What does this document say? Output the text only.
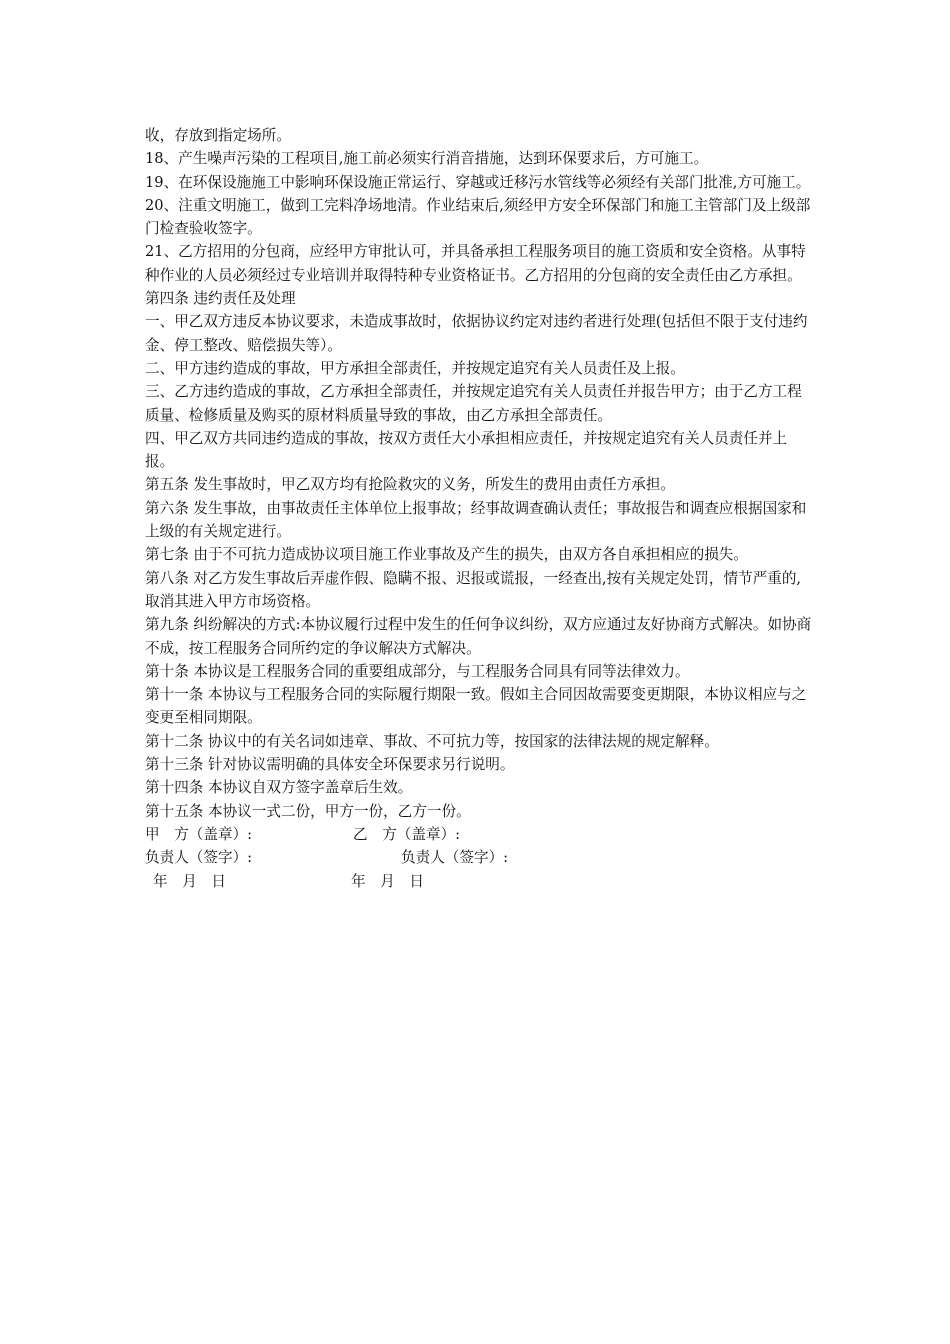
收，存放到指定场所。

18、产生噪声污染的工程项目,施工前必须实行消音措施，达到环保要求后，方可施工。

19、在环保设施施工中影响环保设施正常运行、穿越或迁移污水管线等必须经有关部门批准,方可施工。

20、注重文明施工，做到工完料净场地清。作业结束后,须经甲方安全环保部门和施工主管部门及上级部门检查验收签字。

21、乙方招用的分包商，应经甲方审批认可，并具备承担工程服务项目的施工资质和安全资格。从事特种作业的人员必须经过专业培训并取得特种专业资格证书。乙方招用的分包商的安全责任由乙方承担。

第四条 违约责任及处理

一、甲乙双方违反本协议要求，未造成事故时，依据协议约定对违约者进行处理(包括但不限于支付违约金、停工整改、赔偿损失等）。

二、甲方违约造成的事故，甲方承担全部责任，并按规定追究有关人员责任及上报。

三、乙方违约造成的事故，乙方承担全部责任，并按规定追究有关人员责任并报告甲方；由于乙方工程质量、检修质量及购买的原材料质量导致的事故，由乙方承担全部责任。

四、甲乙双方共同违约造成的事故，按双方责任大小承担相应责任，并按规定追究有关人员责任并上报。

第五条 发生事故时，甲乙双方均有抢险救灾的义务，所发生的费用由责任方承担。

第六条 发生事故，由事故责任主体单位上报事故；经事故调查确认责任；事故报告和调查应根据国家和上级的有关规定进行。

第七条 由于不可抗力造成协议项目施工作业事故及产生的损失，由双方各自承担相应的损失。

第八条 对乙方发生事故后弄虚作假、隐瞒不报、迟报或谎报，一经查出,按有关规定处罚，情节严重的,取消其进入甲方市场资格。

第九条 纠纷解决的方式:本协议履行过程中发生的任何争议纠纷，双方应通过友好协商方式解决。如协商不成，按工程服务合同所约定的争议解决方式解决。

第十条 本协议是工程服务合同的重要组成部分，与工程服务合同具有同等法律效力。

第十一条 本协议与工程服务合同的实际履行期限一致。假如主合同因故需要变更期限，本协议相应与之变更至相同期限。

第十二条 协议中的有关名词如违章、事故、不可抗力等，按国家的法律法规的规定解释。

第十三条 针对协议需明确的具体安全环保要求另行说明。

第十四条 本协议自双方签字盖章后生效。

第十五条 本协议一式二份，甲方一份，乙方一份。

甲　方（盖章）:	乙　方（盖章）:
负责人（签字）:	负责人（签字）:
年　月　日	年　月　日
